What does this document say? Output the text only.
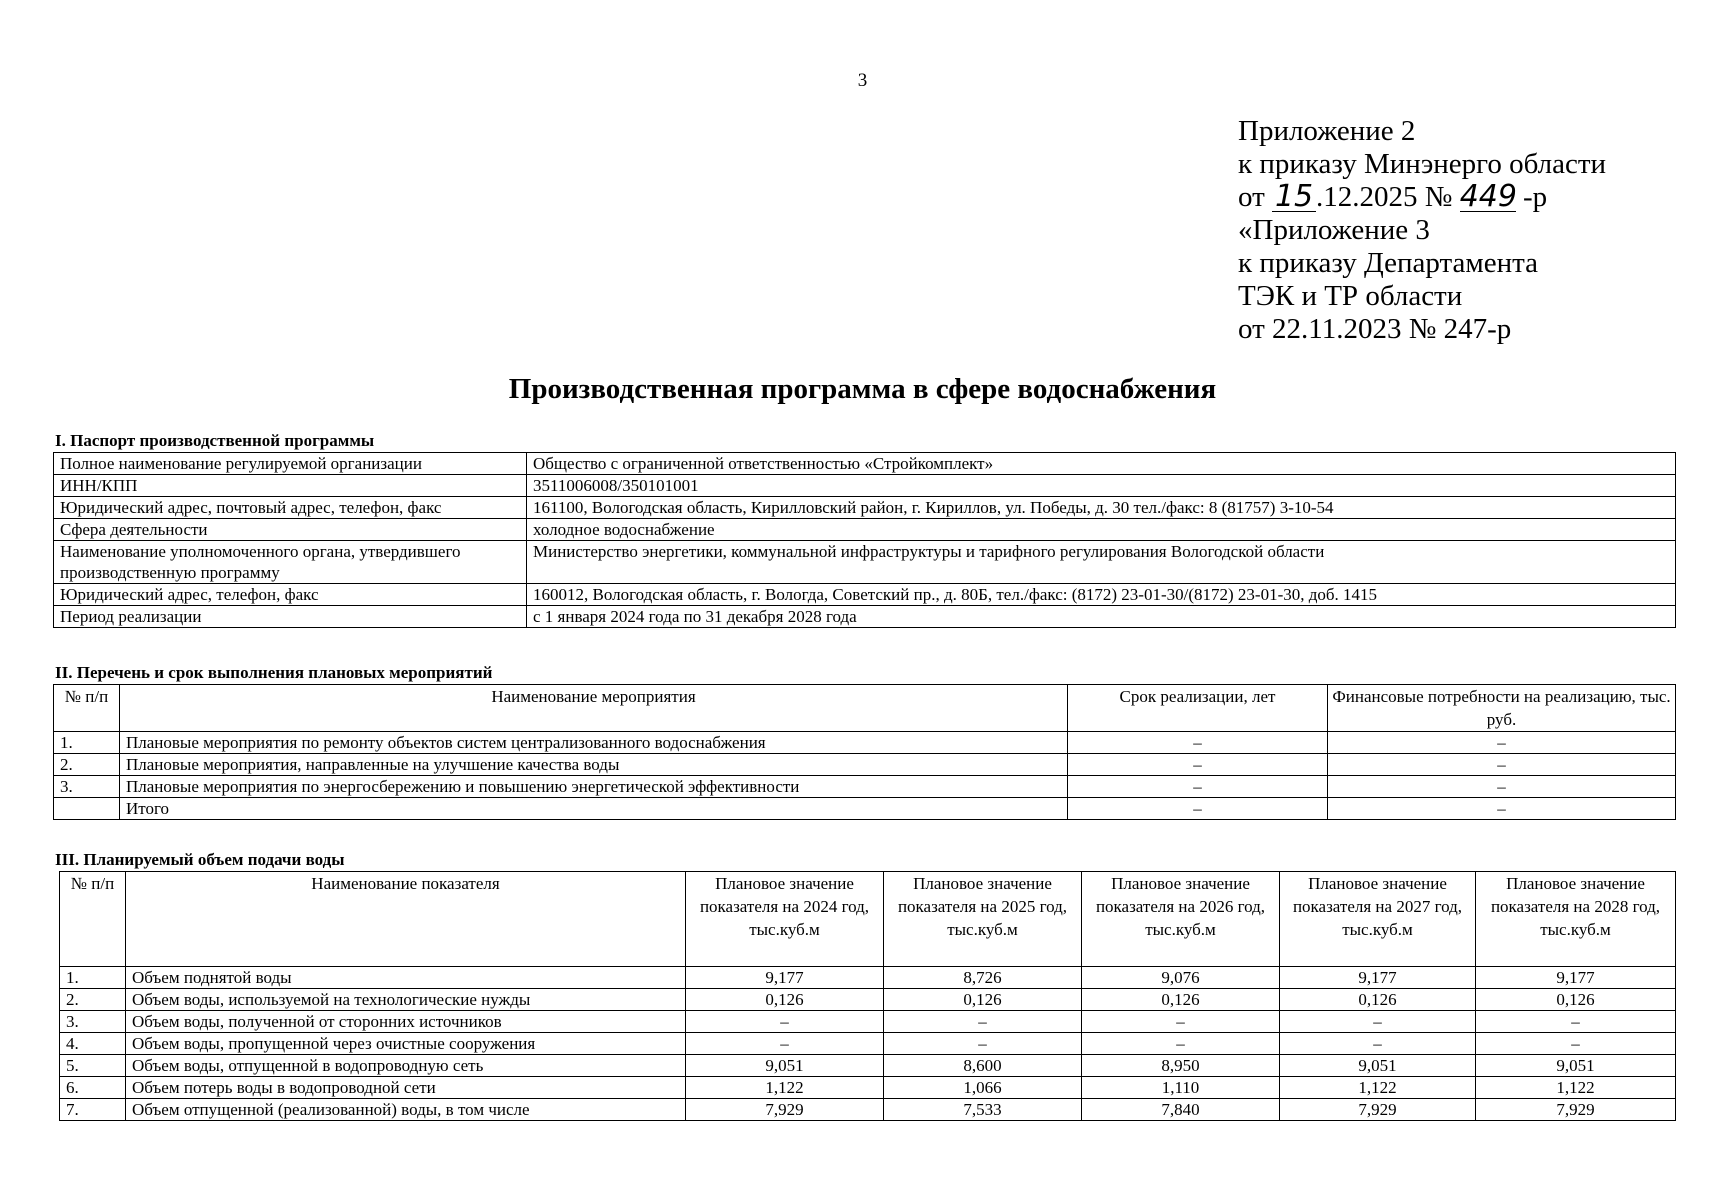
3
Приложение 2
к приказу Минэнерго области
от 15 .12.2025 № 449 -р
«Приложение 3
к приказу Департамента
ТЭК и ТР области
от 22.11.2023 № 247-р
Производственная программа в сфере водоснабжения
I. Паспорт производственной программы
Полное наименование регулируемой организации	Общество с ограниченной ответственностью «Стройкомплект»
ИНН/КПП	3511006008/350101001
Юридический адрес, почтовый адрес, телефон, факс	161100, Вологодская область, Кирилловский район, г. Кириллов, ул. Победы, д. 30 тел./факс: 8 (81757) 3-10-54
Сфера деятельности	холодное водоснабжение
Наименование уполномоченного органа, утвердившего производственную программу	Министерство энергетики, коммунальной инфраструктуры и тарифного регулирования Вологодской области
Юридический адрес, телефон, факс	160012, Вологодская область, г. Вологда, Советский пр., д. 80Б, тел./факс: (8172) 23-01-30/(8172) 23-01-30, доб. 1415
Период реализации	с 1 января 2024 года по 31 декабря 2028 года
II. Перечень и срок выполнения плановых мероприятий
№ п/п	Наименование мероприятия	Срок реализации, лет	Финансовые потребности на реализацию, тыс. руб.
1.	Плановые мероприятия по ремонту объектов систем централизованного водоснабжения	–	–
2.	Плановые мероприятия, направленные на улучшение качества воды	–	–
3.	Плановые мероприятия по энергосбережению и повышению энергетической эффективности	–	–
	Итого	–	–
III. Планируемый объем подачи воды
№ п/п	Наименование показателя	Плановое значение показателя на 2024 год, тыс.куб.м	Плановое значение показателя на 2025 год, тыс.куб.м	Плановое значение показателя на 2026 год, тыс.куб.м	Плановое значение показателя на 2027 год, тыс.куб.м	Плановое значение показателя на 2028 год, тыс.куб.м
1.	Объем поднятой воды	9,177	8,726	9,076	9,177	9,177
2.	Объем воды, используемой на технологические нужды	0,126	0,126	0,126	0,126	0,126
3.	Объем воды, полученной от сторонних источников	–	–	–	–	–
4.	Объем воды, пропущенной через очистные сооружения	–	–	–	–	–
5.	Объем воды, отпущенной в водопроводную сеть	9,051	8,600	8,950	9,051	9,051
6.	Объем потерь воды в водопроводной сети	1,122	1,066	1,110	1,122	1,122
7.	Объем отпущенной (реализованной) воды, в том числе	7,929	7,533	7,840	7,929	7,929
